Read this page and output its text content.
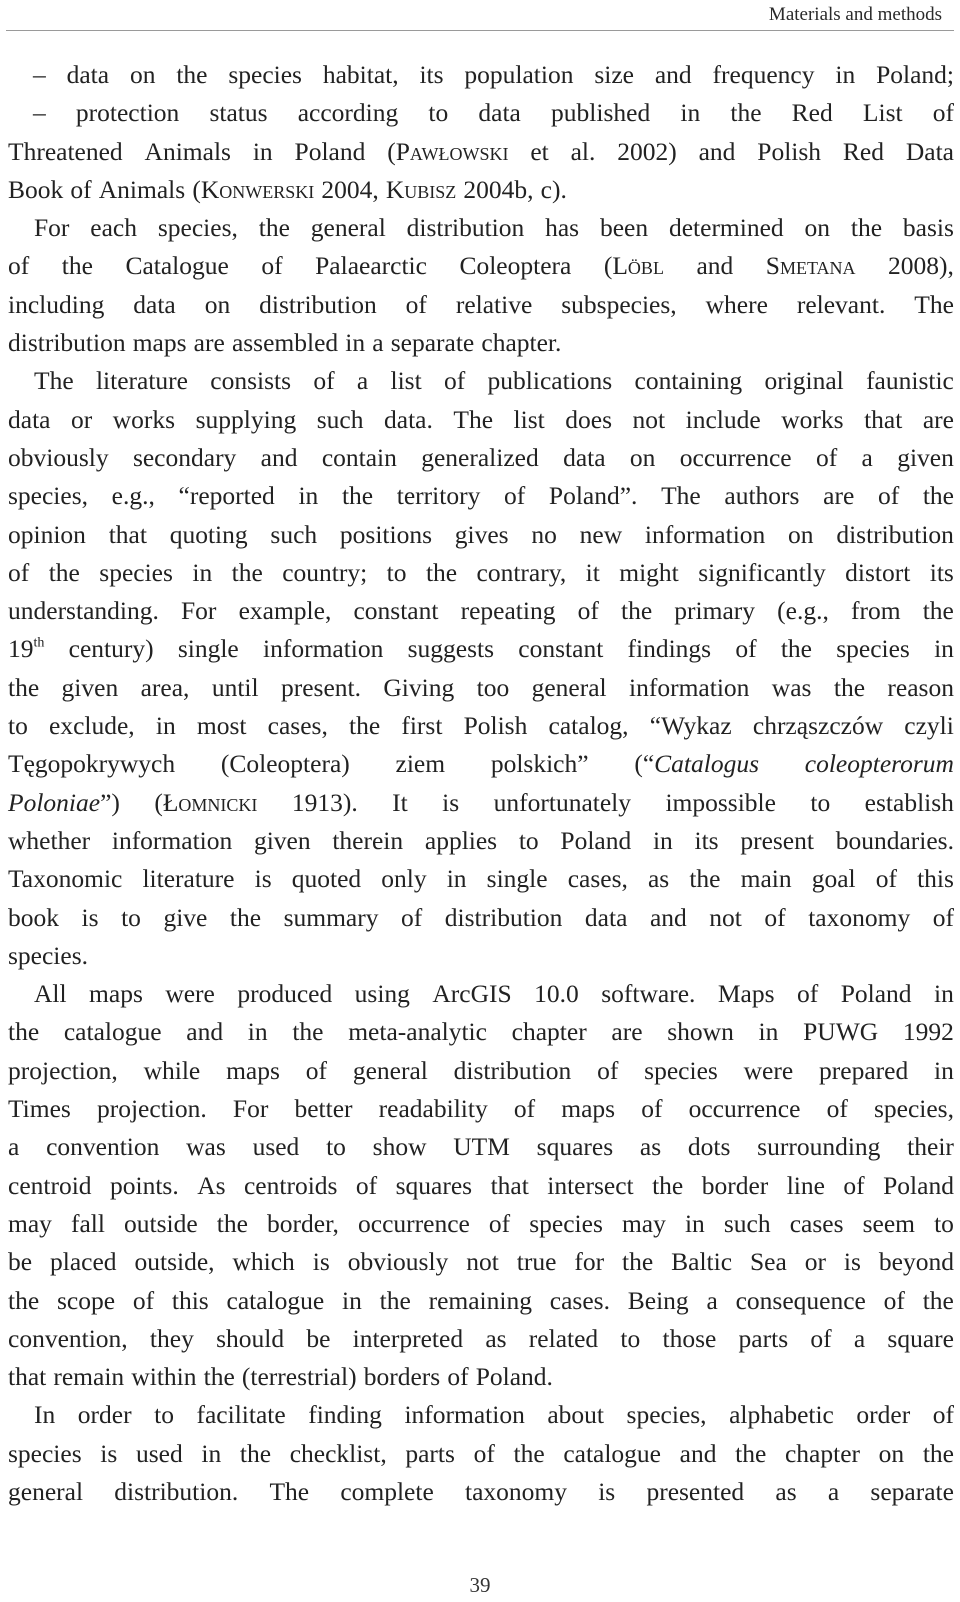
Materials and methods
– data on the species habitat, its population size and frequency in Poland;
– protection status according to data published in the Red List of
Threatened Animals in Poland (Pawłowski et al. 2002) and Polish Red Data
Book of Animals (Konwerski 2004, Kubisz 2004b, c).
For each species, the general distribution has been determined on the basis
of the Catalogue of Palaearctic Coleoptera (Löbl and Smetana 2008),
including data on distribution of relative subspecies, where relevant. The
distribution maps are assembled in a separate chapter.
The literature consists of a list of publications containing original faunistic
data or works supplying such data. The list does not include works that are
obviously secondary and contain generalized data on occurrence of a given
species, e.g., “reported in the territory of Poland”. The authors are of the
opinion that quoting such positions gives no new information on distribution
of the species in the country; to the contrary, it might significantly distort its
understanding. For example, constant repeating of the primary (e.g., from the
19th century) single information suggests constant findings of the species in
the given area, until present. Giving too general information was the reason
to exclude, in most cases, the first Polish catalog, “Wykaz chrząszczów czyli
Tęgopokrywych (Coleoptera) ziem polskich” (“Catalogus coleopterorum
Poloniae”) (Łomnicki 1913). It is unfortunately impossible to establish
whether information given therein applies to Poland in its present boundaries.
Taxonomic literature is quoted only in single cases, as the main goal of this
book is to give the summary of distribution data and not of taxonomy of
species.
All maps were produced using ArcGIS 10.0 software. Maps of Poland in
the catalogue and in the meta-analytic chapter are shown in PUWG 1992
projection, while maps of general distribution of species were prepared in
Times projection. For better readability of maps of occurrence of species,
a convention was used to show UTM squares as dots surrounding their
centroid points. As centroids of squares that intersect the border line of Poland
may fall outside the border, occurrence of species may in such cases seem to
be placed outside, which is obviously not true for the Baltic Sea or is beyond
the scope of this catalogue in the remaining cases. Being a consequence of the
convention, they should be interpreted as related to those parts of a square
that remain within the (terrestrial) borders of Poland.
In order to facilitate finding information about species, alphabetic order of
species is used in the checklist, parts of the catalogue and the chapter on the
general distribution. The complete taxonomy is presented as a separate
39
